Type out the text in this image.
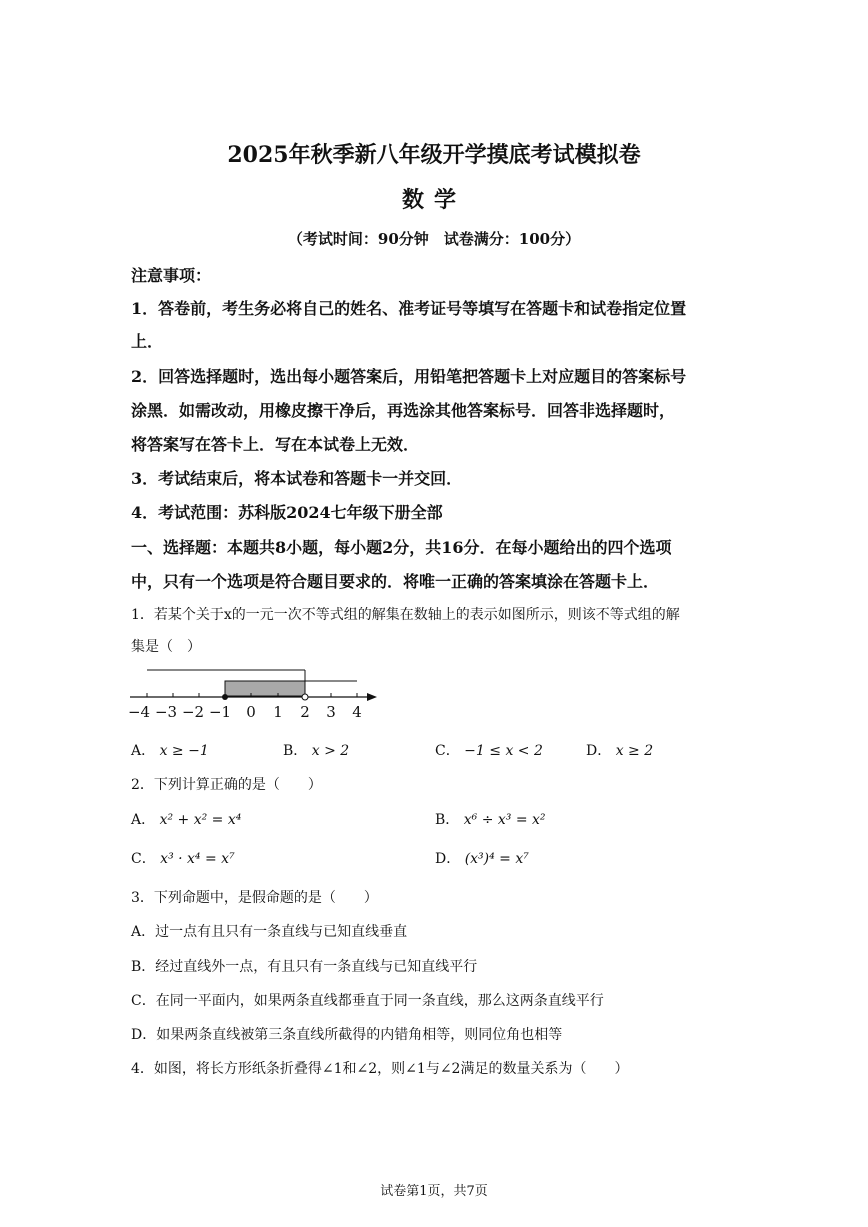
2025年秋季新八年级开学摸底考试模拟卷
数学
（考试时间：90分钟　试卷满分：100分）
注意事项：
1．答卷前，考生务必将自己的姓名、准考证号等填写在答题卡和试卷指定位置
上．
2．回答选择题时，选出每小题答案后，用铅笔把答题卡上对应题目的答案标号
涂黑．如需改动，用橡皮擦干净后，再选涂其他答案标号．回答非选择题时，
将答案写在答卡上．写在本试卷上无效．
3．考试结束后，将本试卷和答题卡一并交回．
4．考试范围：苏科版2024七年级下册全部
一、选择题：本题共8小题，每小题2分，共16分．在每小题给出的四个选项
中，只有一个选项是符合题目要求的．将唯一正确的答案填涂在答题卡上．
1．若某个关于x的一元一次不等式组的解集在数轴上的表示如图所示，则该不等式组的解
集是（　）
−4 −3 −2 −1 0 1 2 3 4
A． x ≥ −1	B． x > 2	C． −1 ≤ x < 2	D． x ≥ 2
2．下列计算正确的是（　　）
A． x² + x² = x⁴	B． x⁶ ÷ x³ = x²
C． x³ · x⁴ = x⁷	D． (x³)⁴ = x⁷
3．下列命题中，是假命题的是（　　）
A．过一点有且只有一条直线与已知直线垂直
B．经过直线外一点，有且只有一条直线与已知直线平行
C．在同一平面内，如果两条直线都垂直于同一条直线，那么这两条直线平行
D．如果两条直线被第三条直线所截得的内错角相等，则同位角也相等
4．如图，将长方形纸条折叠得∠1和∠2，则∠1与∠2满足的数量关系为（　　）
试卷第1页，共7页
